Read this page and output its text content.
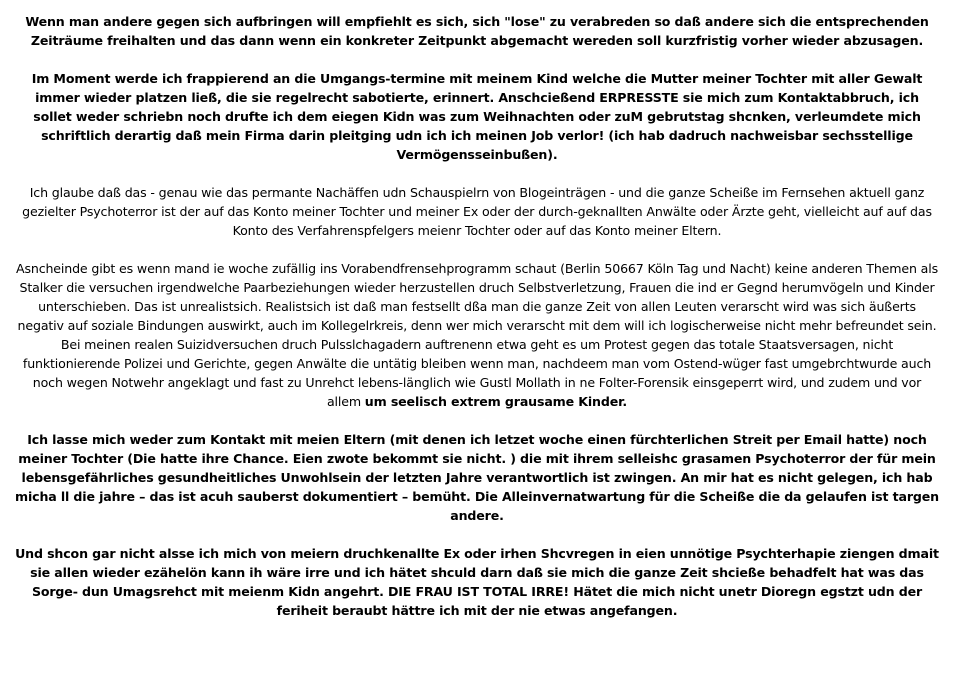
Wenn man andere gegen sich aufbringen will empfiehlt es sich, sich "lose" zu verabreden so daß andere sich die entsprechenden Zeiträume freihalten und das dann wenn ein konkreter Zeitpunkt abgemacht wereden soll kurzfristig vorher wieder abzusagen.

Im Moment werde ich frappierend an die Umgangs-termine mit meinem Kind welche die Mutter meiner Tochter mit aller Gewalt immer wieder platzen ließ, die sie regelrecht sabotierte, erinnert. Anschcießend ERPRESSTE sie mich zum Kontaktabbruch, ich sollet weder schriebn noch drufte ich dem eiegen Kidn was zum Weihnachten oder zuM gebrutstag shcnken, verleumdete mich schriftlich derartig daß mein Firma darin pleitging udn ich ich meinen Job verlor! (ich hab dadruch nachweisbar sechsstellige Vermögensseinbußen).

Ich glaube daß das - genau wie das permante Nachäffen udn Schauspielrn von Blogeinträgen - und die ganze Scheiße im Fernsehen aktuell ganz gezielter Psychoterror ist der auf das Konto meiner Tochter und meiner Ex oder der durch-geknallten Anwälte oder Ärzte geht, vielleicht auf auf das Konto des Verfahrenspfelgers meienr Tochter oder auf das Konto meiner Eltern.

Asncheinde gibt es wenn mand ie woche zufällig ins Vorabendfrensehprogramm schaut (Berlin 50667 Köln Tag und Nacht) keine anderen Themen als Stalker die versuchen irgendwelche Paarbeziehungen wieder herzustellen druch Selbstverletzung, Frauen die ind er Gegnd herumvögeln und Kinder unterschieben. Das ist unrealistsich. Realistsich ist daß man festsellt dßa man die ganze Zeit von allen Leuten verarscht wird was sich äußerts negativ auf soziale Bindungen auswirkt, auch im Kollegelrkreis, denn wer mich verarscht mit dem will ich logischerweise nicht mehr befreundet sein. Bei meinen realen Suizidversuchen druch Pulsslchagadern auftrenenn etwa geht es um Protest gegen das totale Staatsversagen, nicht funktionierende Polizei und Gerichte, gegen Anwälte die untätig bleiben wenn man, nachdeem man vom Ostend-wüger fast umgebrchtwurde auch noch wegen Notwehr angeklagt und fast zu Unrehct lebens-länglich wie Gustl Mollath in ne Folter-Forensik einsgeperrt wird, und zudem und vor allem um seelisch extrem grausame Kinder.

Ich lasse mich weder zum Kontakt mit meien Eltern (mit denen ich letzet woche einen fürchterlichen Streit per Email hatte) noch meiner Tochter (Die hatte ihre Chance. Eien zwote bekommt sie nicht. ) die mit ihrem selleishc grasamen Psychoterror der für mein lebensgefährliches gesundheitliches Unwohlsein der letzten Jahre verantwortlich ist zwingen. An mir hat es nicht gelegen, ich hab micha ll die jahre – das ist acuh sauberst dokumentiert – bemüht. Die Alleinvernatwartung für die Scheiße die da gelaufen ist targen andere.

Und shcon gar nicht alsse ich mich von meiern druchkenallte Ex oder irhen Shcvregen in eien unnötige Psychterhapie ziengen dmait sie allen wieder ezähelön kann ih wäre irre und ich hätet shculd darn daß sie mich die ganze Zeit shcieße behadfelt hat was das Sorge- dun Umagsrehct mit meienm Kidn angehrt. DIE FRAU IST TOTAL IRRE! Hätet die mich nicht unetr Dioregn egstzt udn der feriheit beraubt hättre ich mit der nie etwas angefangen.
